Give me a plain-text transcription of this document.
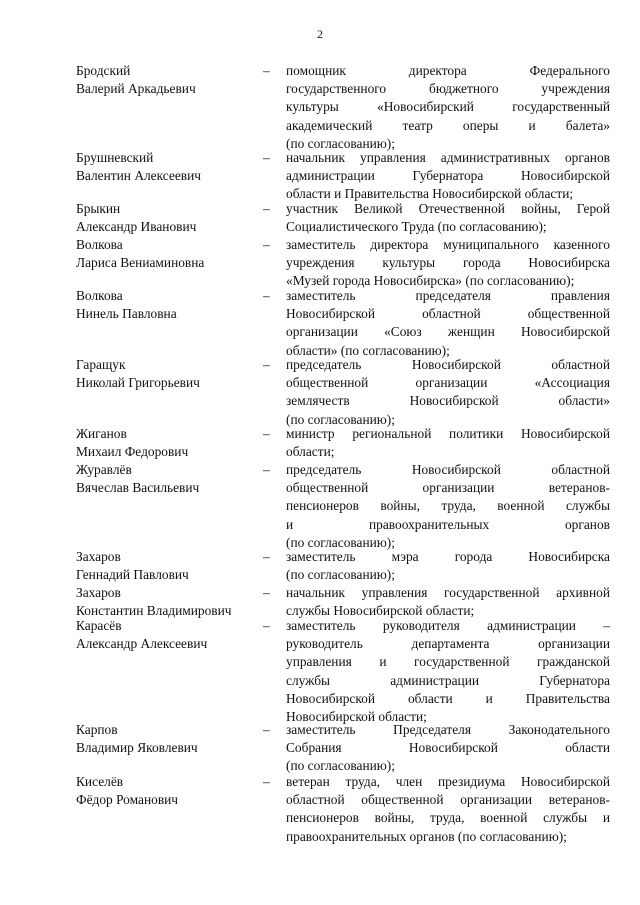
2
Бродский
Валерий Аркадьевич
– помощник директора Федерального
государственного бюджетного учреждения
культуры «Новосибирский государственный
академический театр оперы и балета»
(по согласованию);
Брушневский
Валентин Алексеевич
– начальник управления административных органов
администрации Губернатора Новосибирской
области и Правительства Новосибирской области;
Брыкин
Александр Иванович
– участник Великой Отечественной войны, Герой
Социалистического Труда (по согласованию);
Волкова
Лариса Вениаминовна
– заместитель директора муниципального казенного
учреждения культуры города Новосибирска
«Музей города Новосибирска» (по согласованию);
Волкова
Нинель Павловна
– заместитель председателя правления
Новосибирской областной общественной
организации «Союз женщин Новосибирской
области» (по согласованию);
Гаращук
Николай Григорьевич
– председатель Новосибирской областной
общественной организации «Ассоциация
землячеств Новосибирской области»
(по согласованию);
Жиганов
Михаил Федорович
– министр региональной политики Новосибирской
области;
Журавлёв
Вячеслав Васильевич
– председатель Новосибирской областной
общественной организации ветеранов-
пенсионеров войны, труда, военной службы
и правоохранительных органов
(по согласованию);
Захаров
Геннадий Павлович
– заместитель мэра города Новосибирска
(по согласованию);
Захаров
Константин Владимирович
– начальник управления государственной архивной
службы Новосибирской области;
Карасёв
Александр Алексеевич
– заместитель руководителя администрации –
руководитель департамента организации
управления и государственной гражданской
службы администрации Губернатора
Новосибирской области и Правительства
Новосибирской области;
Карпов
Владимир Яковлевич
– заместитель Председателя Законодательного
Собрания Новосибирской области
(по согласованию);
Киселёв
Фёдор Романович
– ветеран труда, член президиума Новосибирской
областной общественной организации ветеранов-
пенсионеров войны, труда, военной службы и
правоохранительных органов (по согласованию);
